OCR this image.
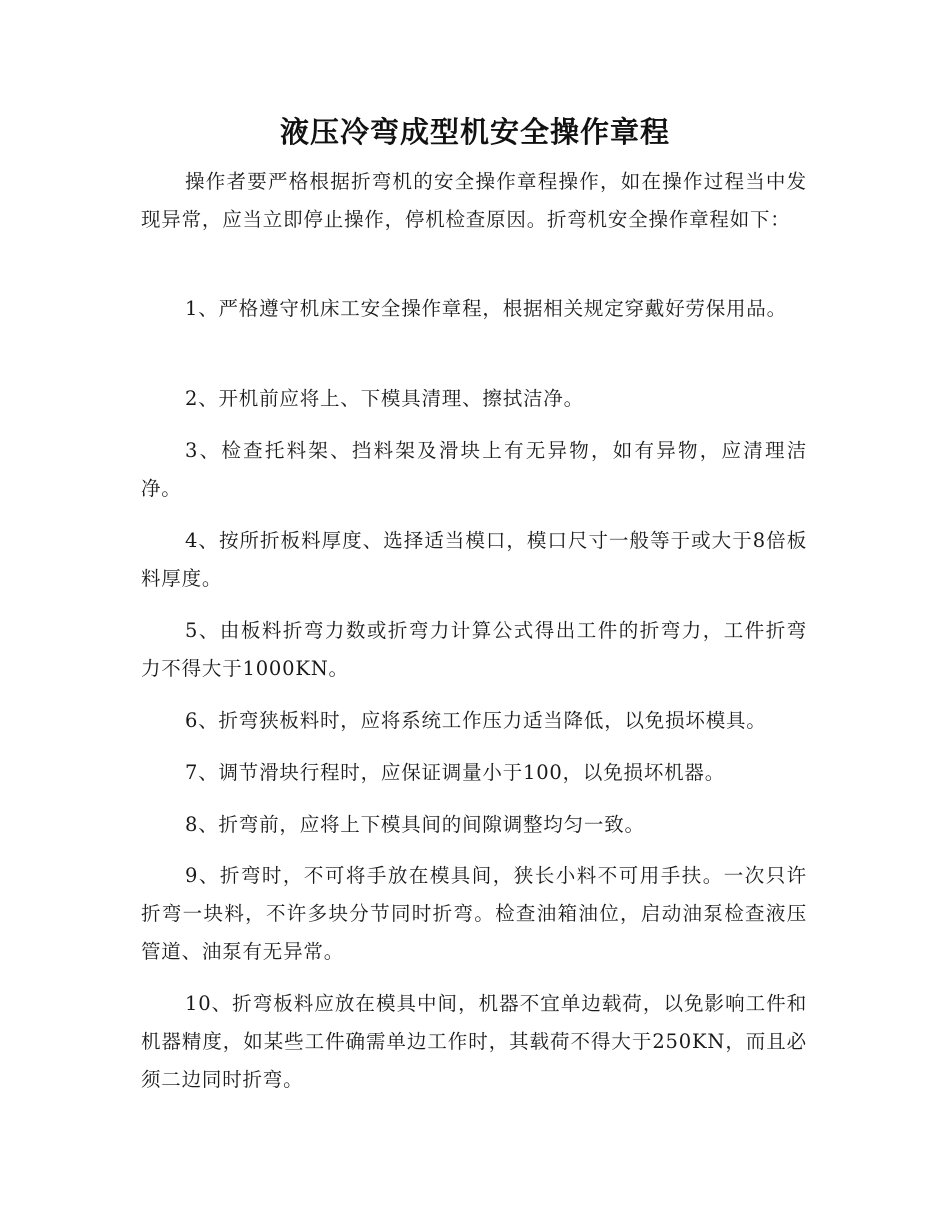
液压冷弯成型机安全操作章程

操作者要严格根据折弯机的安全操作章程操作，如在操作过程当中发现异常，应当立即停止操作，停机检查原因。折弯机安全操作章程如下：

1、严格遵守机床工安全操作章程，根据相关规定穿戴好劳保用品。

2、开机前应将上、下模具清理、擦拭洁净。

3、检查托料架、挡料架及滑块上有无异物，如有异物，应清理洁净。

4、按所折板料厚度、选择适当模口，模口尺寸一般等于或大于8倍板料厚度。

5、由板料折弯力数或折弯力计算公式得出工件的折弯力，工件折弯力不得大于1000KN。

6、折弯狭板料时，应将系统工作压力适当降低，以免损坏模具。

7、调节滑块行程时，应保证调量小于100，以免损坏机器。

8、折弯前，应将上下模具间的间隙调整均匀一致。

9、折弯时，不可将手放在模具间，狭长小料不可用手扶。一次只许折弯一块料，不许多块分节同时折弯。检查油箱油位，启动油泵检查液压管道、油泵有无异常。

10、折弯板料应放在模具中间，机器不宜单边载荷，以免影响工件和机器精度，如某些工件确需单边工作时，其载荷不得大于250KN，而且必须二边同时折弯。
